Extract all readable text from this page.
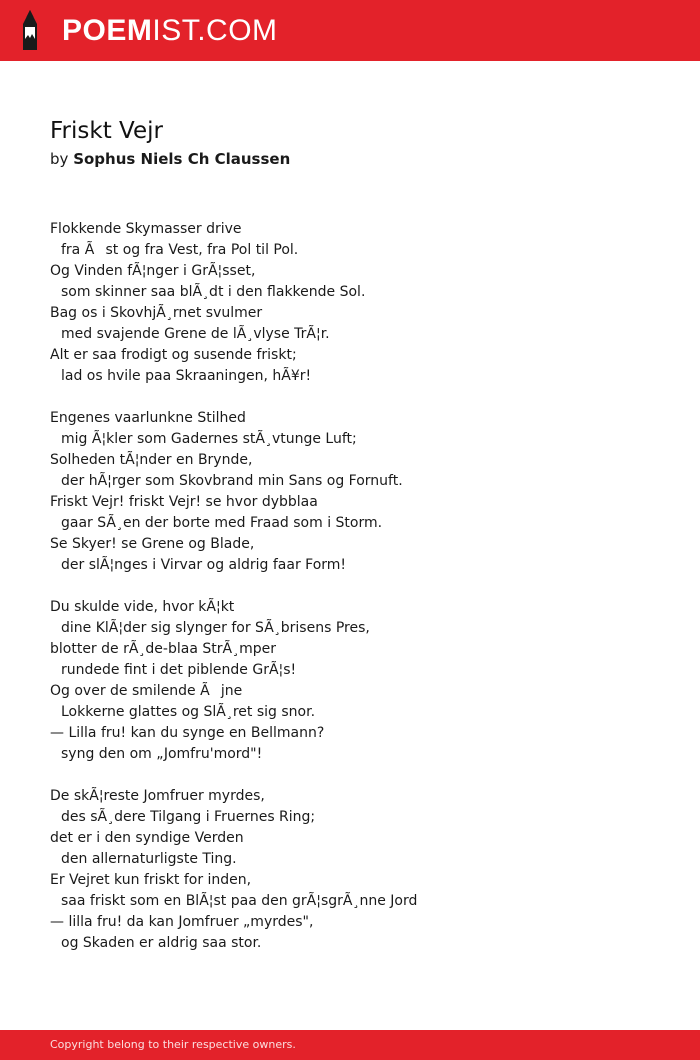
POEMIST.COM
Friskt Vejr
by Sophus Niels Ch Claussen
Flokkende Skymasser drive
fra Ãst og fra Vest, fra Pol til Pol.
Og Vinden fÃ¦nger i GrÃ¦sset,
som skinner saa blÃ¸dt i den flakkende Sol.
Bag os i SkovhjÃ¸rnet svulmer
med svajende Grene de lÃ¸vlyse TrÃ¦r.
Alt er saa frodigt og susende friskt;
lad os hvile paa Skraaningen, hÃ¥r!
Engenes vaarlunkne Stilhed
mig Ã¦kler som Gadernes stÃ¸vtunge Luft;
Solheden tÃ¦nder en Brynde,
der hÃ¦rger som Skovbrand min Sans og Fornuft.
Friskt Vejr! friskt Vejr! se hvor dybblaa
gaar SÃ¸en der borte med Fraad som i Storm.
Se Skyer! se Grene og Blade,
der slÃ¦nges i Virvar og aldrig faar Form!
Du skulde vide, hvor kÃ¦kt
dine KlÃ¦der sig slynger for SÃ¸brisens Pres,
blotter de rÃ¸de-blaa StrÃ¸mper
rundede fint i det piblende GrÃ¦s!
Og over de smilende Ãjne
Lokkerne glattes og SlÃ¸ret sig snor.
— Lilla fru! kan du synge en Bellmann?
syng den om „Jomfru'mord"!
De skÃ¦reste Jomfruer myrdes,
des sÃ¸dere Tilgang i Fruernes Ring;
det er i den syndige Verden
den allernaturligste Ting.
Er Vejret kun friskt for inden,
saa friskt som en BlÃ¦st paa den grÃ¦sgrÃ¸nne Jord
— lilla fru! da kan Jomfruer „myrdes",
og Skaden er aldrig saa stor.
Copyright belong to their respective owners.
